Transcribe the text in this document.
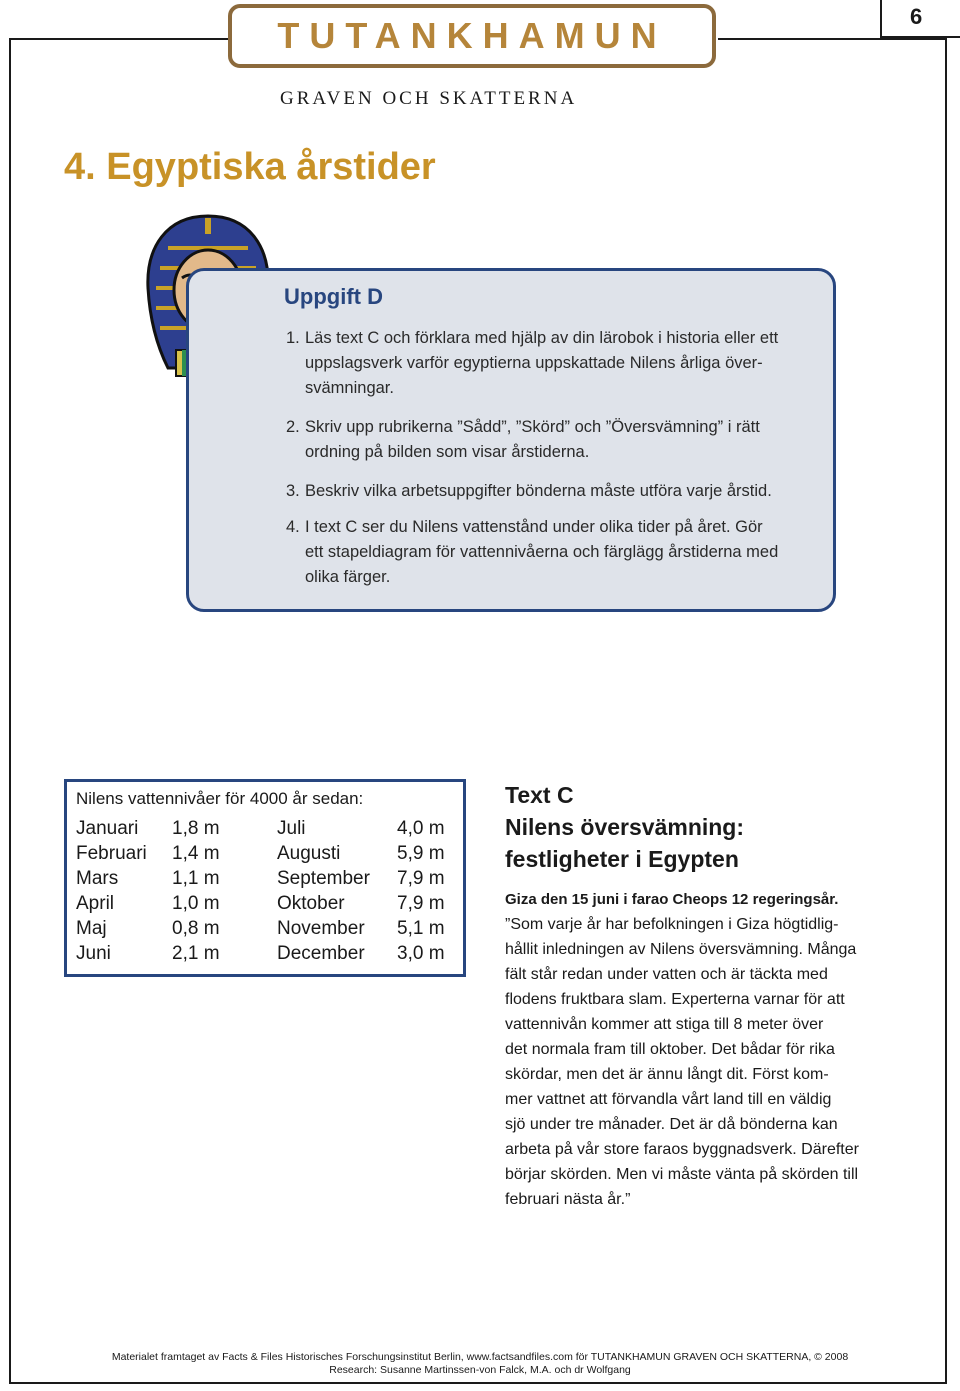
6
TUTANKHAMUN
GRAVEN OCH SKATTERNA
4. Egyptiska årstider
Uppgift D
1. Läs text C och förklara med hjälp av din lärobok i historia eller ett
uppslagsverk varför egyptierna uppskattade Nilens årliga över-
svämningar.
2. Skriv upp rubrikerna ”Sådd”, ”Skörd” och ”Översvämning” i rätt
ordning på bilden som visar årstiderna.
3. Beskriv vilka arbetsuppgifter bönderna måste utföra varje årstid.
4. I text C ser du Nilens vattenstånd under olika tider på året. Gör
ett stapeldiagram för vattennivåerna och färglägg årstiderna med
olika färger.
Nilens vattennivåer för 4000 år sedan:
Januari 1,8 m	Juli	4,0 m
Februari 1,4 m	Augusti	5,9 m
Mars	1,1 m	September 7,9 m
April	1,0 m	Oktober	7,9 m
Maj	0,8 m	November 5,1 m
Juni	2,1 m	December 3,0 m
Text C
Nilens översvämning:
festligheter i Egypten
Giza den 15 juni i farao Cheops 12 regeringsår.
”Som varje år har befolkningen i Giza högtidlig-
hållit inledningen av Nilens översvämning. Många
fält står redan under vatten och är täckta med
flodens fruktbara slam. Experterna varnar för att
vattennivån kommer att stiga till 8 meter över
det normala fram till oktober. Det bådar för rika
skördar, men det är ännu långt dit. Först kom-
mer vattnet att förvandla vårt land till en väldig
sjö under tre månader. Det är då bönderna kan
arbeta på vår store faraos byggnadsverk. Därefter
börjar skörden. Men vi måste vänta på skörden till
februari nästa år.”
Materialet framtaget av Facts & Files Historisches Forschungsinstitut Berlin, www.factsandfiles.com för TUTANKHAMUN GRAVEN OCH SKATTERNA, © 2008
Research: Susanne Martinssen-von Falck, M.A. och dr Wolfgang
